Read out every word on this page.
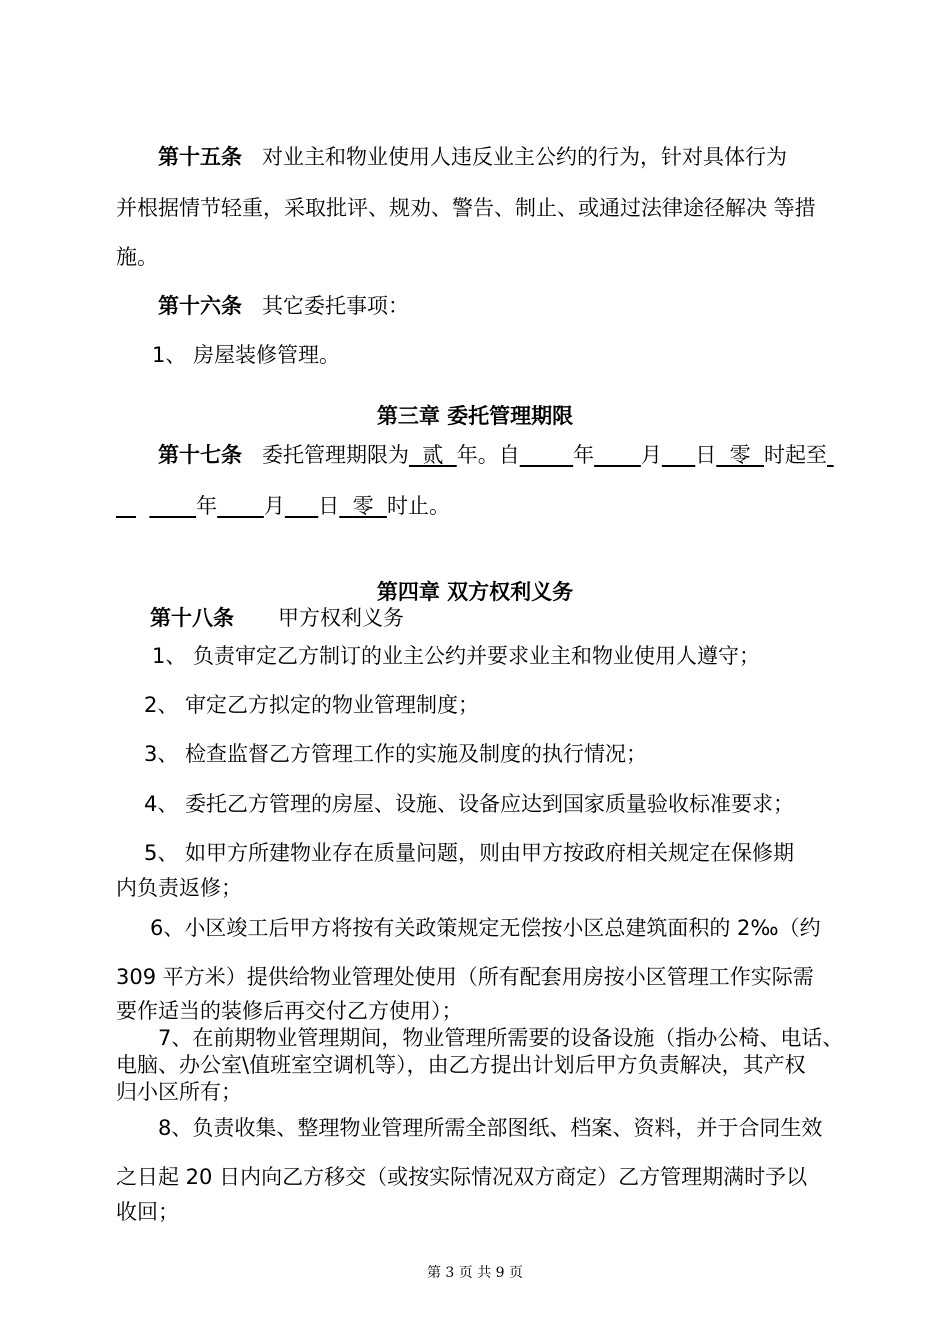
第十五条 对业主和物业使用人违反业主公约的行为，针对具体行为
并根据情节轻重，采取批评、规劝、警告、制止、或通过法律途径解决 等措
施。
第十六条 其它委托事项：
1、 房屋装修管理。
第三章 委托管理期限
第十七条 委托管理期限为 贰 年。自	年 月 日 零 时起至
年 月 日 零 时止。
第四章 双方权利义务
第十八条 甲方权利义务
1、 负责审定乙方制订的业主公约并要求业主和物业使用人遵守；
2、 审定乙方拟定的物业管理制度；
3、 检查监督乙方管理工作的实施及制度的执行情况；
4、 委托乙方管理的房屋、设施、设备应达到国家质量验收标准要求；
5、 如甲方所建物业存在质量问题，则由甲方按政府相关规定在保修期
内负责返修；
6、小区竣工后甲方将按有关政策规定无偿按小区总建筑面积的 2‰（约
309 平方米）提供给物业管理处使用（所有配套用房按小区管理工作实际需
要作适当的装修后再交付乙方使用）；
7、在前期物业管理期间，物业管理所需要的设备设施（指办公椅、电话、
电脑、办公室\值班室空调机等），由乙方提出计划后甲方负责解决，其产权
归小区所有；
8、负责收集、整理物业管理所需全部图纸、档案、资料，并于合同生效
之日起 20 日内向乙方移交（或按实际情况双方商定）乙方管理期满时予以
收回；
第 3 页 共 9 页
